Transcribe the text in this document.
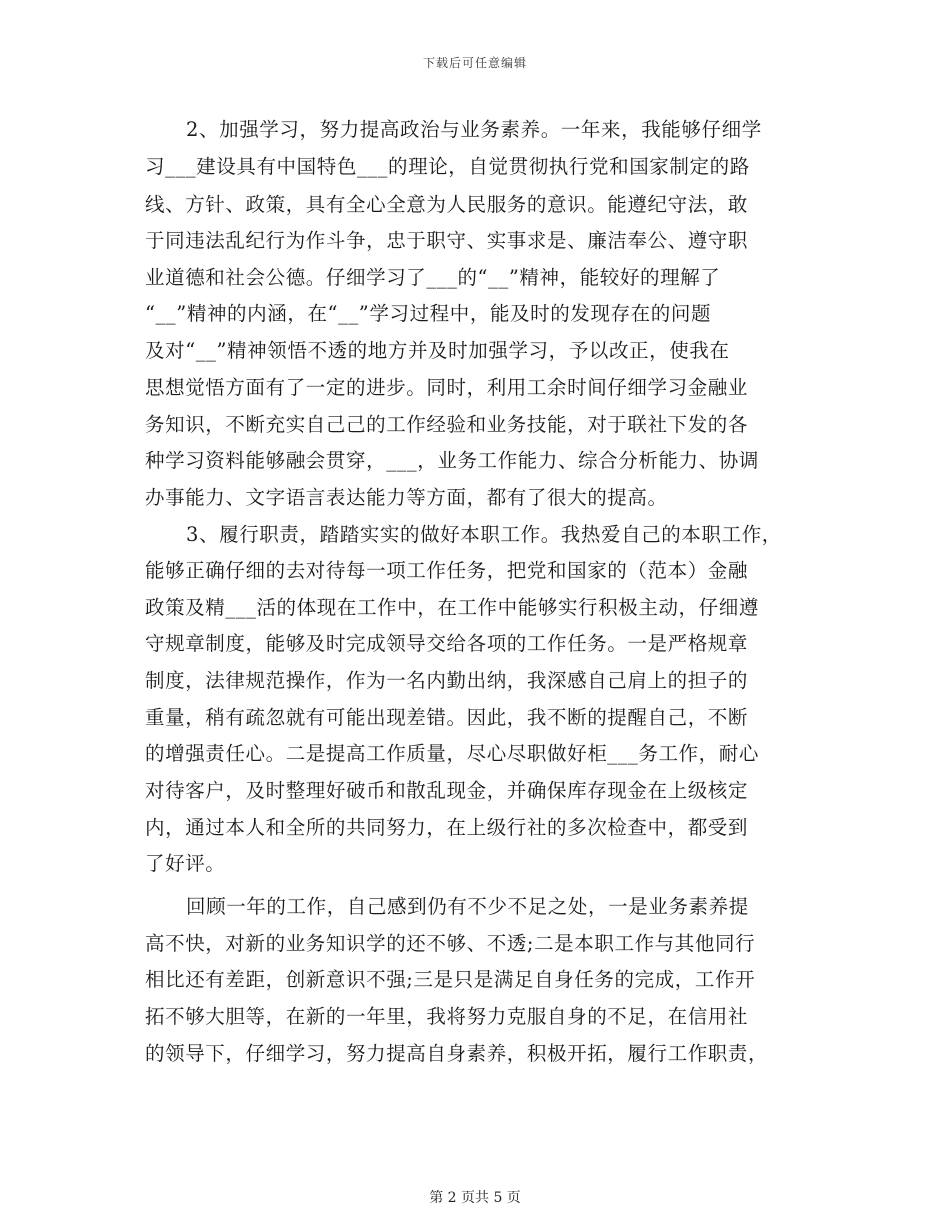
下载后可任意编辑
2、加强学习，努力提高政治与业务素养。一年来，我能够仔细学
习___建设具有中国特色___的理论，自觉贯彻执行党和国家制定的路
线、方针、政策，具有全心全意为人民服务的意识。能遵纪守法，敢
于同违法乱纪行为作斗争，忠于职守、实事求是、廉洁奉公、遵守职
业道德和社会公德。仔细学习了___的“__”精神，能较好的理解了
“__”精神的内涵，在“__”学习过程中，能及时的发现存在的问题
及对“__”精神领悟不透的地方并及时加强学习，予以改正，使我在
思想觉悟方面有了一定的进步。同时，利用工余时间仔细学习金融业
务知识，不断充实自己己的工作经验和业务技能，对于联社下发的各
种学习资料能够融会贯穿，___，业务工作能力、综合分析能力、协调
办事能力、文字语言表达能力等方面，都有了很大的提高。
3、履行职责，踏踏实实的做好本职工作。我热爱自己的本职工作，
能够正确仔细的去对待每一项工作任务，把党和国家的（范本）金融
政策及精___活的体现在工作中，在工作中能够实行积极主动，仔细遵
守规章制度，能够及时完成领导交给各项的工作任务。一是严格规章
制度，法律规范操作，作为一名内勤出纳，我深感自己肩上的担子的
重量，稍有疏忽就有可能出现差错。因此，我不断的提醒自己，不断
的增强责任心。二是提高工作质量，尽心尽职做好柜___务工作，耐心
对待客户，及时整理好破币和散乱现金，并确保库存现金在上级核定
内，通过本人和全所的共同努力，在上级行社的多次检查中，都受到
了好评。
回顾一年的工作，自己感到仍有不少不足之处，一是业务素养提
高不快，对新的业务知识学的还不够、不透;二是本职工作与其他同行
相比还有差距，创新意识不强;三是只是满足自身任务的完成，工作开
拓不够大胆等，在新的一年里，我将努力克服自身的不足，在信用社
的领导下，仔细学习，努力提高自身素养，积极开拓，履行工作职责，
第 2 页共 5 页
